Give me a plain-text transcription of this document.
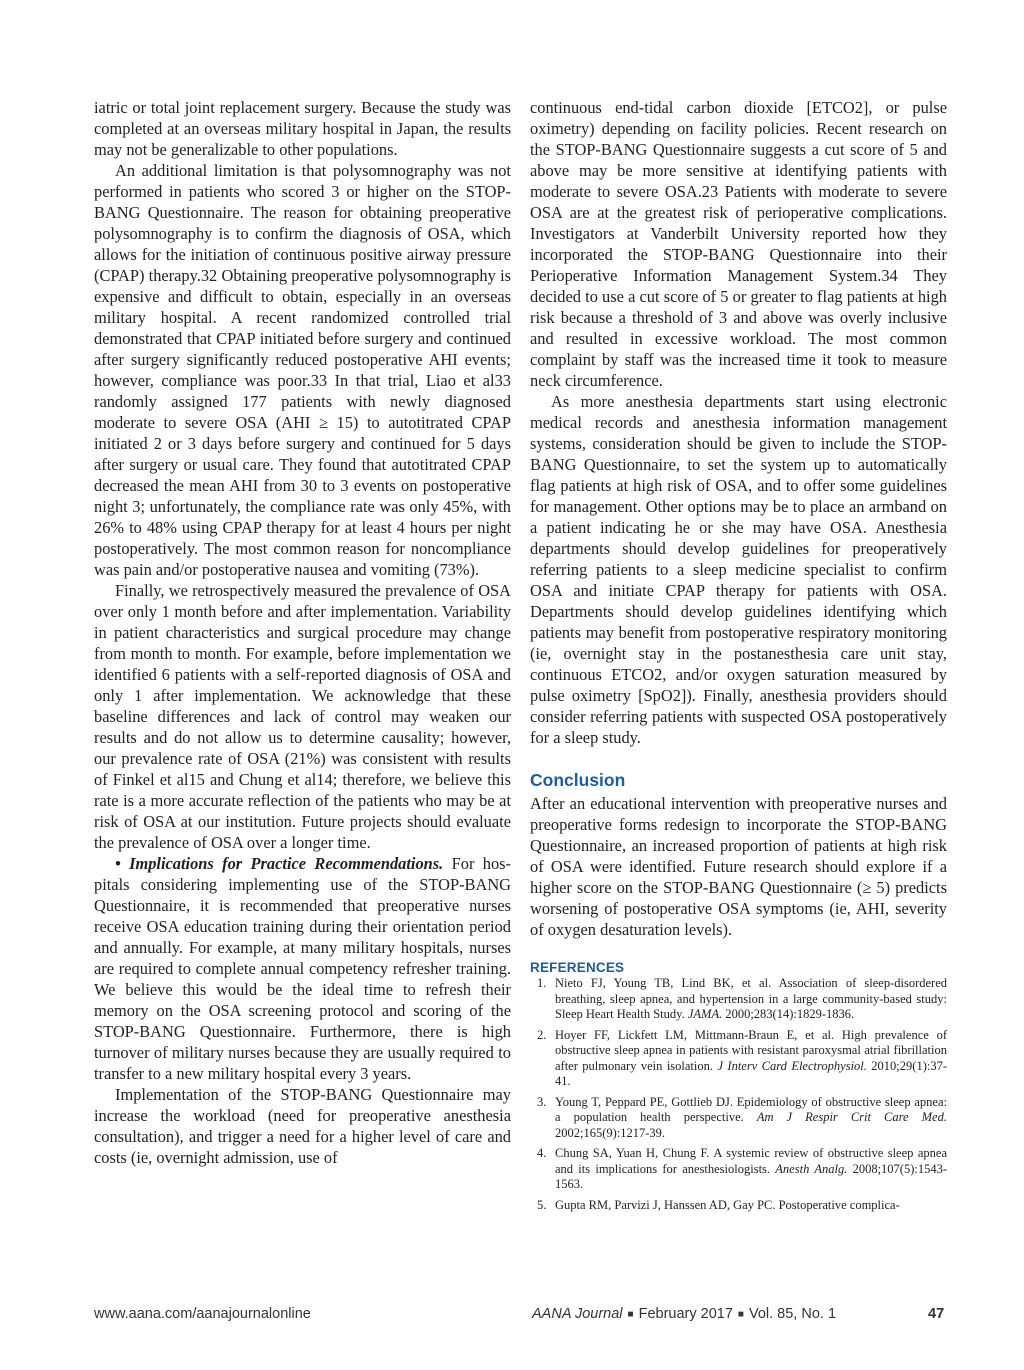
iatric or total joint replacement surgery. Because the study was completed at an overseas military hospital in Japan, the results may not be generalizable to other populations.

An additional limitation is that polysomnography was not performed in patients who scored 3 or higher on the STOP-BANG Questionnaire. The reason for obtaining preoperative polysomnography is to confirm the diagnosis of OSA, which allows for the initiation of continuous positive airway pressure (CPAP) therapy.32 Obtaining preoperative polysomnography is expensive and difficult to obtain, especially in an overseas military hospital. A recent randomized controlled trial demonstrated that CPAP initiated before surgery and continued after surgery significantly reduced postoperative AHI events; however, compliance was poor.33 In that trial, Liao et al33 randomly assigned 177 patients with newly diagnosed moderate to severe OSA (AHI ≥ 15) to autotitrated CPAP initiated 2 or 3 days before surgery and continued for 5 days after surgery or usual care. They found that autotitrated CPAP decreased the mean AHI from 30 to 3 events on postoperative night 3; unfortunately, the compliance rate was only 45%, with 26% to 48% using CPAP therapy for at least 4 hours per night postoperatively. The most common reason for noncompliance was pain and/or postoperative nausea and vomiting (73%).

Finally, we retrospectively measured the prevalence of OSA over only 1 month before and after implementation. Variability in patient characteristics and surgical procedure may change from month to month. For example, before implementation we identified 6 patients with a self-reported diagnosis of OSA and only 1 after implementation. We acknowledge that these baseline differences and lack of control may weaken our results and do not allow us to determine causality; however, our prevalence rate of OSA (21%) was consistent with results of Finkel et al15 and Chung et al14; therefore, we believe this rate is a more accurate reflection of the patients who may be at risk of OSA at our institution. Future projects should evaluate the prevalence of OSA over a longer time.

• Implications for Practice Recommendations. For hospitals considering implementing use of the STOP-BANG Questionnaire, it is recommended that preoperative nurses receive OSA education training during their orientation period and annually. For example, at many military hospitals, nurses are required to complete annual competency refresher training. We believe this would be the ideal time to refresh their memory on the OSA screening protocol and scoring of the STOP-BANG Questionnaire. Furthermore, there is high turnover of military nurses because they are usually required to transfer to a new military hospital every 3 years.

Implementation of the STOP-BANG Questionnaire may increase the workload (need for preoperative anesthesia consultation), and trigger a need for a higher level of care and costs (ie, overnight admission, use of

continuous end-tidal carbon dioxide [ETCO2], or pulse oximetry) depending on facility policies. Recent research on the STOP-BANG Questionnaire suggests a cut score of 5 and above may be more sensitive at identifying patients with moderate to severe OSA.23 Patients with moderate to severe OSA are at the greatest risk of perioperative complications. Investigators at Vanderbilt University reported how they incorporated the STOP-BANG Questionnaire into their Perioperative Information Management System.34 They decided to use a cut score of 5 or greater to flag patients at high risk because a threshold of 3 and above was overly inclusive and resulted in excessive workload. The most common complaint by staff was the increased time it took to measure neck circumference.

As more anesthesia departments start using electronic medical records and anesthesia information management systems, consideration should be given to include the STOP-BANG Questionnaire, to set the system up to automatically flag patients at high risk of OSA, and to offer some guidelines for management. Other options may be to place an armband on a patient indicating he or she may have OSA. Anesthesia departments should develop guidelines for preoperatively referring patients to a sleep medicine specialist to confirm OSA and initiate CPAP therapy for patients with OSA. Departments should develop guidelines identifying which patients may benefit from postoperative respiratory monitoring (ie, overnight stay in the postanesthesia care unit stay, continuous ETCO2, and/or oxygen saturation measured by pulse oximetry [SpO2]). Finally, anesthesia providers should consider referring patients with suspected OSA postoperatively for a sleep study.

Conclusion

After an educational intervention with preoperative nurses and preoperative forms redesign to incorporate the STOP-BANG Questionnaire, an increased proportion of patients at high risk of OSA were identified. Future research should explore if a higher score on the STOP-BANG Questionnaire (≥ 5) predicts worsening of postoperative OSA symptoms (ie, AHI, severity of oxygen desaturation levels).

REFERENCES
1. Nieto FJ, Young TB, Lind BK, et al. Association of sleep-disordered breathing, sleep apnea, and hypertension in a large community-based study: Sleep Heart Health Study. JAMA. 2000;283(14):1829-1836.
2. Hoyer FF, Lickfett LM, Mittmann-Braun E, et al. High prevalence of obstructive sleep apnea in patients with resistant paroxysmal atrial fibrillation after pulmonary vein isolation. J Interv Card Electrophysiol. 2010;29(1):37-41.
3. Young T, Peppard PE, Gottlieb DJ. Epidemiology of obstructive sleep apnea: a population health perspective. Am J Respir Crit Care Med. 2002;165(9):1217-39.
4. Chung SA, Yuan H, Chung F. A systemic review of obstructive sleep apnea and its implications for anesthesiologists. Anesth Analg. 2008;107(5):1543-1563.
5. Gupta RM, Parvizi J, Hanssen AD, Gay PC. Postoperative complica-
www.aana.com/aanajournalonline	AANA Journal ■ February 2017 ■ Vol. 85, No. 1	47
